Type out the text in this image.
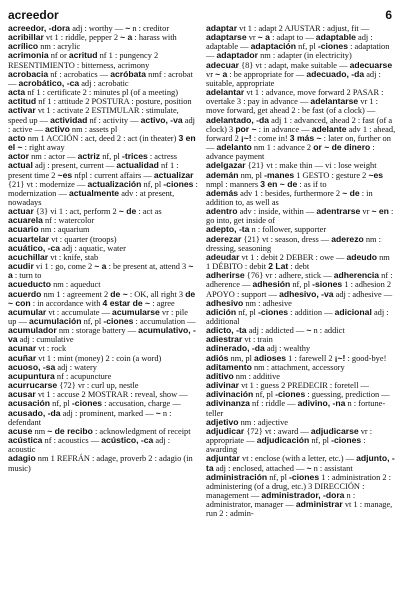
acreedor	6

acreedor, -dora adj : worthy — ~ n : creditor

acribillar vt 1 : riddle, pepper 2 ~ a : harass with

acrílico nm : acrylic

acrimonia nf or acritud nf 1 : pungency 2 RESENTIMIENTO : bitterness, acrimony

acrobacia nf : acrobatics — acróbata nmf : acrobat — acrobático, -ca adj : acrobatic

acta nf 1 : certificate 2 : minutes pl (of a meeting)

actitud nf 1 : attitude 2 POSTURA : posture, position

activar vt 1 : activate 2 ESTIMULAR : stimulate, speed up — actividad nf : activity — activo, -va adj : active — activo nm : assets pl

acto nm 1 ACCIÓN : act, deed 2 : act (in theater) 3 en el ~ : right away

actor nm : actor — actriz nf, pl -trices : actress

actual adj : present, current — actualidad nf 1 : present time 2 ~es nfpl : current affairs — actualizar {21} vt : modernize — actualización nf, pl -ciones : modernization — actualmente adv : at present, nowadays

actuar {3} vi 1 : act, perform 2 ~ de : act as

acuarela nf : watercolor

acuario nm : aquarium

acuartelar vt : quarter (troops)

acuático, -ca adj : aquatic, water

acuchillar vt : knife, stab

acudir vi 1 : go, come 2 ~ a : be present at, attend 3 ~ a : turn to

acueducto nm : aqueduct

acuerdo nm 1 : agreement 2 de ~ : OK, all right 3 de ~ con : in accordance with 4 estar de ~ : agree

acumular vt : accumulate — acumularse vr : pile up — acumulación nf, pl -ciones : accumulation — acumulador nm : storage battery — acumulativo, -va adj : cumulative

acunar vt : rock

acuñar vt 1 : mint (money) 2 : coin (a word)

acuoso, -sa adj : watery

acupuntura nf : acupuncture

acurrucarse {72} vr : curl up, nestle

acusar vt 1 : accuse 2 MOSTRAR : reveal, show — acusación nf, pl -ciones : accusation, charge — acusado, -da adj : prominent, marked — ~ n : defendant

acuse nm ~ de recibo : acknowledgment of receipt

acústica nf : acoustics — acústico, -ca adj : acoustic

adagio nm 1 REFRÁN : adage, proverb 2 : adagio (in music)

adaptar vt 1 : adapt 2 AJUSTAR : adjust, fit — adaptarse vr ~ a : adapt to — adaptable adj : adaptable — adaptación nf, pl -ciones : adaptation — adaptador nm : adapter (in electricity)

adecuar {8} vt : adapt, make suitable — adecuarse vr ~ a : be appropriate for — adecuado, -da adj : suitable, appropriate

adelantar vt 1 : advance, move forward 2 PASAR : overtake 3 : pay in advance — adelantarse vr 1 : move forward, get ahead 2 : be fast (of a clock) — adelantado, -da adj 1 : advanced, ahead 2 : fast (of a clock) 3 por ~ : in advance — adelante adv 1 : ahead, forward 2 ¡~! : come in! 3 más ~ : later on, further on — adelanto nm 1 : advance 2 or ~ de dinero : advance payment

adelgazar {21} vt : make thin — vi : lose weight

ademán nm, pl -manes 1 GESTO : gesture 2 ~es nmpl : manners 3 en ~ de : as if to

además adv 1 : besides, furthermore 2 ~ de : in addition to, as well as

adentro adv : inside, within — adentrarse vr ~ en : go into, get inside of

adepto, -ta n : follower, supporter

aderezar {21} vt : season, dress — aderezo nm : dressing, seasoning

adeudar vt 1 : debit 2 DEBER : owe — adeudo nm 1 DÉBITO : debit 2 Lat : debt

adherirse {76} vr : adhere, stick — adherencia nf : adherence — adhesión nf, pl -siones 1 : adhesion 2 APOYO : support — adhesivo, -va adj : adhesive — adhesivo nm : adhesive

adición nf, pl -ciones : addition — adicional adj : additional

adicto, -ta adj : addicted — ~ n : addict

adiestrar vt : train

adinerado, -da adj : wealthy

adiós nm, pl adioses 1 : farewell 2 ¡~! : good-bye!

aditamento nm : attachment, accessory

aditivo nm : additive

adivinar vt 1 : guess 2 PREDECIR : foretell — adivinación nf, pl -ciones : guessing, prediction — adivinanza nf : riddle — adivino, -na n : fortune-teller

adjetivo nm : adjective

adjudicar {72} vt : award — adjudicarse vr : appropriate — adjudicación nf, pl -ciones : awarding

adjuntar vt : enclose (with a letter, etc.) — adjunto, -ta adj : enclosed, attached — ~ n : assistant

administración nf, pl -ciones 1 : administration 2 : administering (of a drug, etc.) 3 DIRECCIÓN : management — administrador, -dora n : administrator, manager — administrar vt 1 : manage, run 2 : admin-
